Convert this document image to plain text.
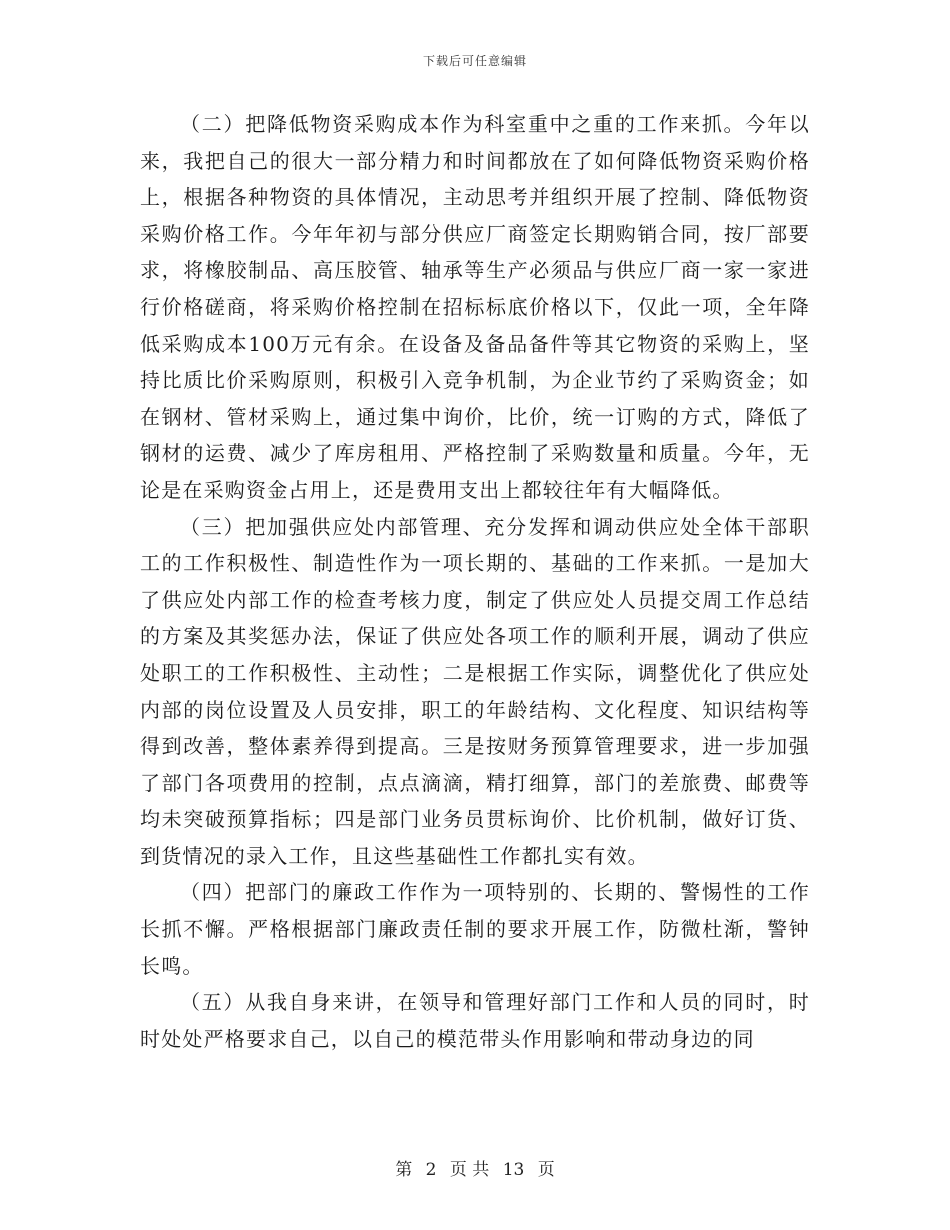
下载后可任意编辑

（二）把降低物资采购成本作为科室重中之重的工作来抓。今年以来，我把自己的很大一部分精力和时间都放在了如何降低物资采购价格上，根据各种物资的具体情况，主动思考并组织开展了控制、降低物资采购价格工作。今年年初与部分供应厂商签定长期购销合同，按厂部要求，将橡胶制品、高压胶管、轴承等生产必须品与供应厂商一家一家进行价格磋商，将采购价格控制在招标标底价格以下，仅此一项，全年降低采购成本100万元有余。在设备及备品备件等其它物资的采购上，坚持比质比价采购原则，积极引入竞争机制，为企业节约了采购资金；如在钢材、管材采购上，通过集中询价，比价，统一订购的方式，降低了钢材的运费、减少了库房租用、严格控制了采购数量和质量。今年，无论是在采购资金占用上，还是费用支出上都较往年有大幅降低。

（三）把加强供应处内部管理、充分发挥和调动供应处全体干部职工的工作积极性、制造性作为一项长期的、基础的工作来抓。一是加大了供应处内部工作的检查考核力度，制定了供应处人员提交周工作总结的方案及其奖惩办法，保证了供应处各项工作的顺利开展，调动了供应处职工的工作积极性、主动性；二是根据工作实际，调整优化了供应处内部的岗位设置及人员安排，职工的年龄结构、文化程度、知识结构等得到改善，整体素养得到提高。三是按财务预算管理要求，进一步加强了部门各项费用的控制，点点滴滴，精打细算，部门的差旅费、邮费等均未突破预算指标；四是部门业务员贯标询价、比价机制，做好订货、到货情况的录入工作，且这些基础性工作都扎实有效。

（四）把部门的廉政工作作为一项特别的、长期的、警惕性的工作长抓不懈。严格根据部门廉政责任制的要求开展工作，防微杜渐，警钟长鸣。

（五）从我自身来讲，在领导和管理好部门工作和人员的同时，时时处处严格要求自己，以自己的模范带头作用影响和带动身边的同

第 2 页 共 13 页
